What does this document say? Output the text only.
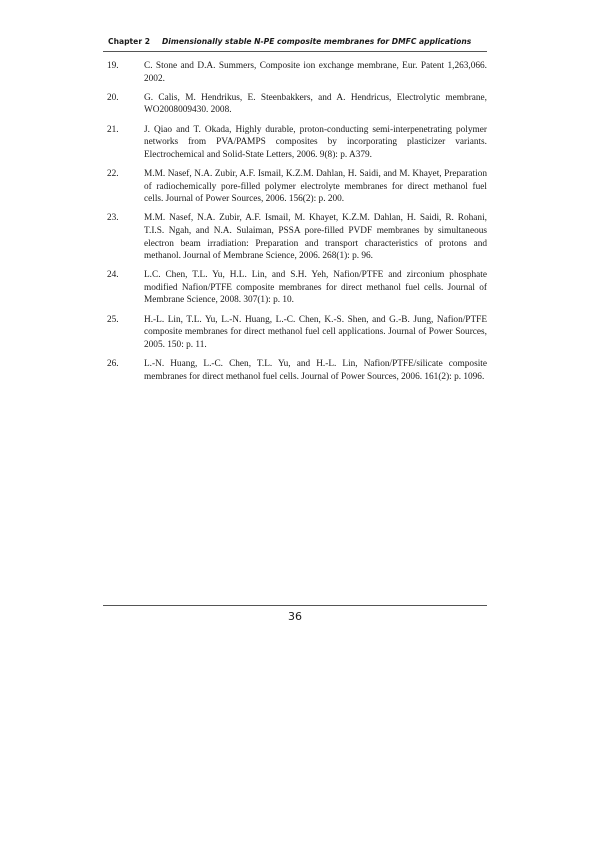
Chapter 2 Dimensionally stable N-PE composite membranes for DMFC applications
19.	C. Stone and D.A. Summers, Composite ion exchange membrane, Eur. Patent 1,263,066. 2002.
20.	G. Calis, M. Hendrikus, E. Steenbakkers, and A. Hendricus, Electrolytic membrane, WO2008009430. 2008.
21.	J. Qiao and T. Okada, Highly durable, proton-conducting semi-interpenetrating polymer networks from PVA/PAMPS composites by incorporating plasticizer variants. Electrochemical and Solid-State Letters, 2006. 9(8): p. A379.
22.	M.M. Nasef, N.A. Zubir, A.F. Ismail, K.Z.M. Dahlan, H. Saidi, and M. Khayet, Preparation of radiochemically pore-filled polymer electrolyte membranes for direct methanol fuel cells. Journal of Power Sources, 2006. 156(2): p. 200.
23.	M.M. Nasef, N.A. Zubir, A.F. Ismail, M. Khayet, K.Z.M. Dahlan, H. Saidi, R. Rohani, T.I.S. Ngah, and N.A. Sulaiman, PSSA pore-filled PVDF membranes by simultaneous electron beam irradiation: Preparation and transport characteristics of protons and methanol. Journal of Membrane Science, 2006. 268(1): p. 96.
24.	L.C. Chen, T.L. Yu, H.L. Lin, and S.H. Yeh, Nafion/PTFE and zirconium phosphate modified Nafion/PTFE composite membranes for direct methanol fuel cells. Journal of Membrane Science, 2008. 307(1): p. 10.
25.	H.-L. Lin, T.L. Yu, L.-N. Huang, L.-C. Chen, K.-S. Shen, and G.-B. Jung, Nafion/PTFE composite membranes for direct methanol fuel cell applications. Journal of Power Sources, 2005. 150: p. 11.
26.	L.-N. Huang, L.-C. Chen, T.L. Yu, and H.-L. Lin, Nafion/PTFE/silicate composite membranes for direct methanol fuel cells. Journal of Power Sources, 2006. 161(2): p. 1096.
36
